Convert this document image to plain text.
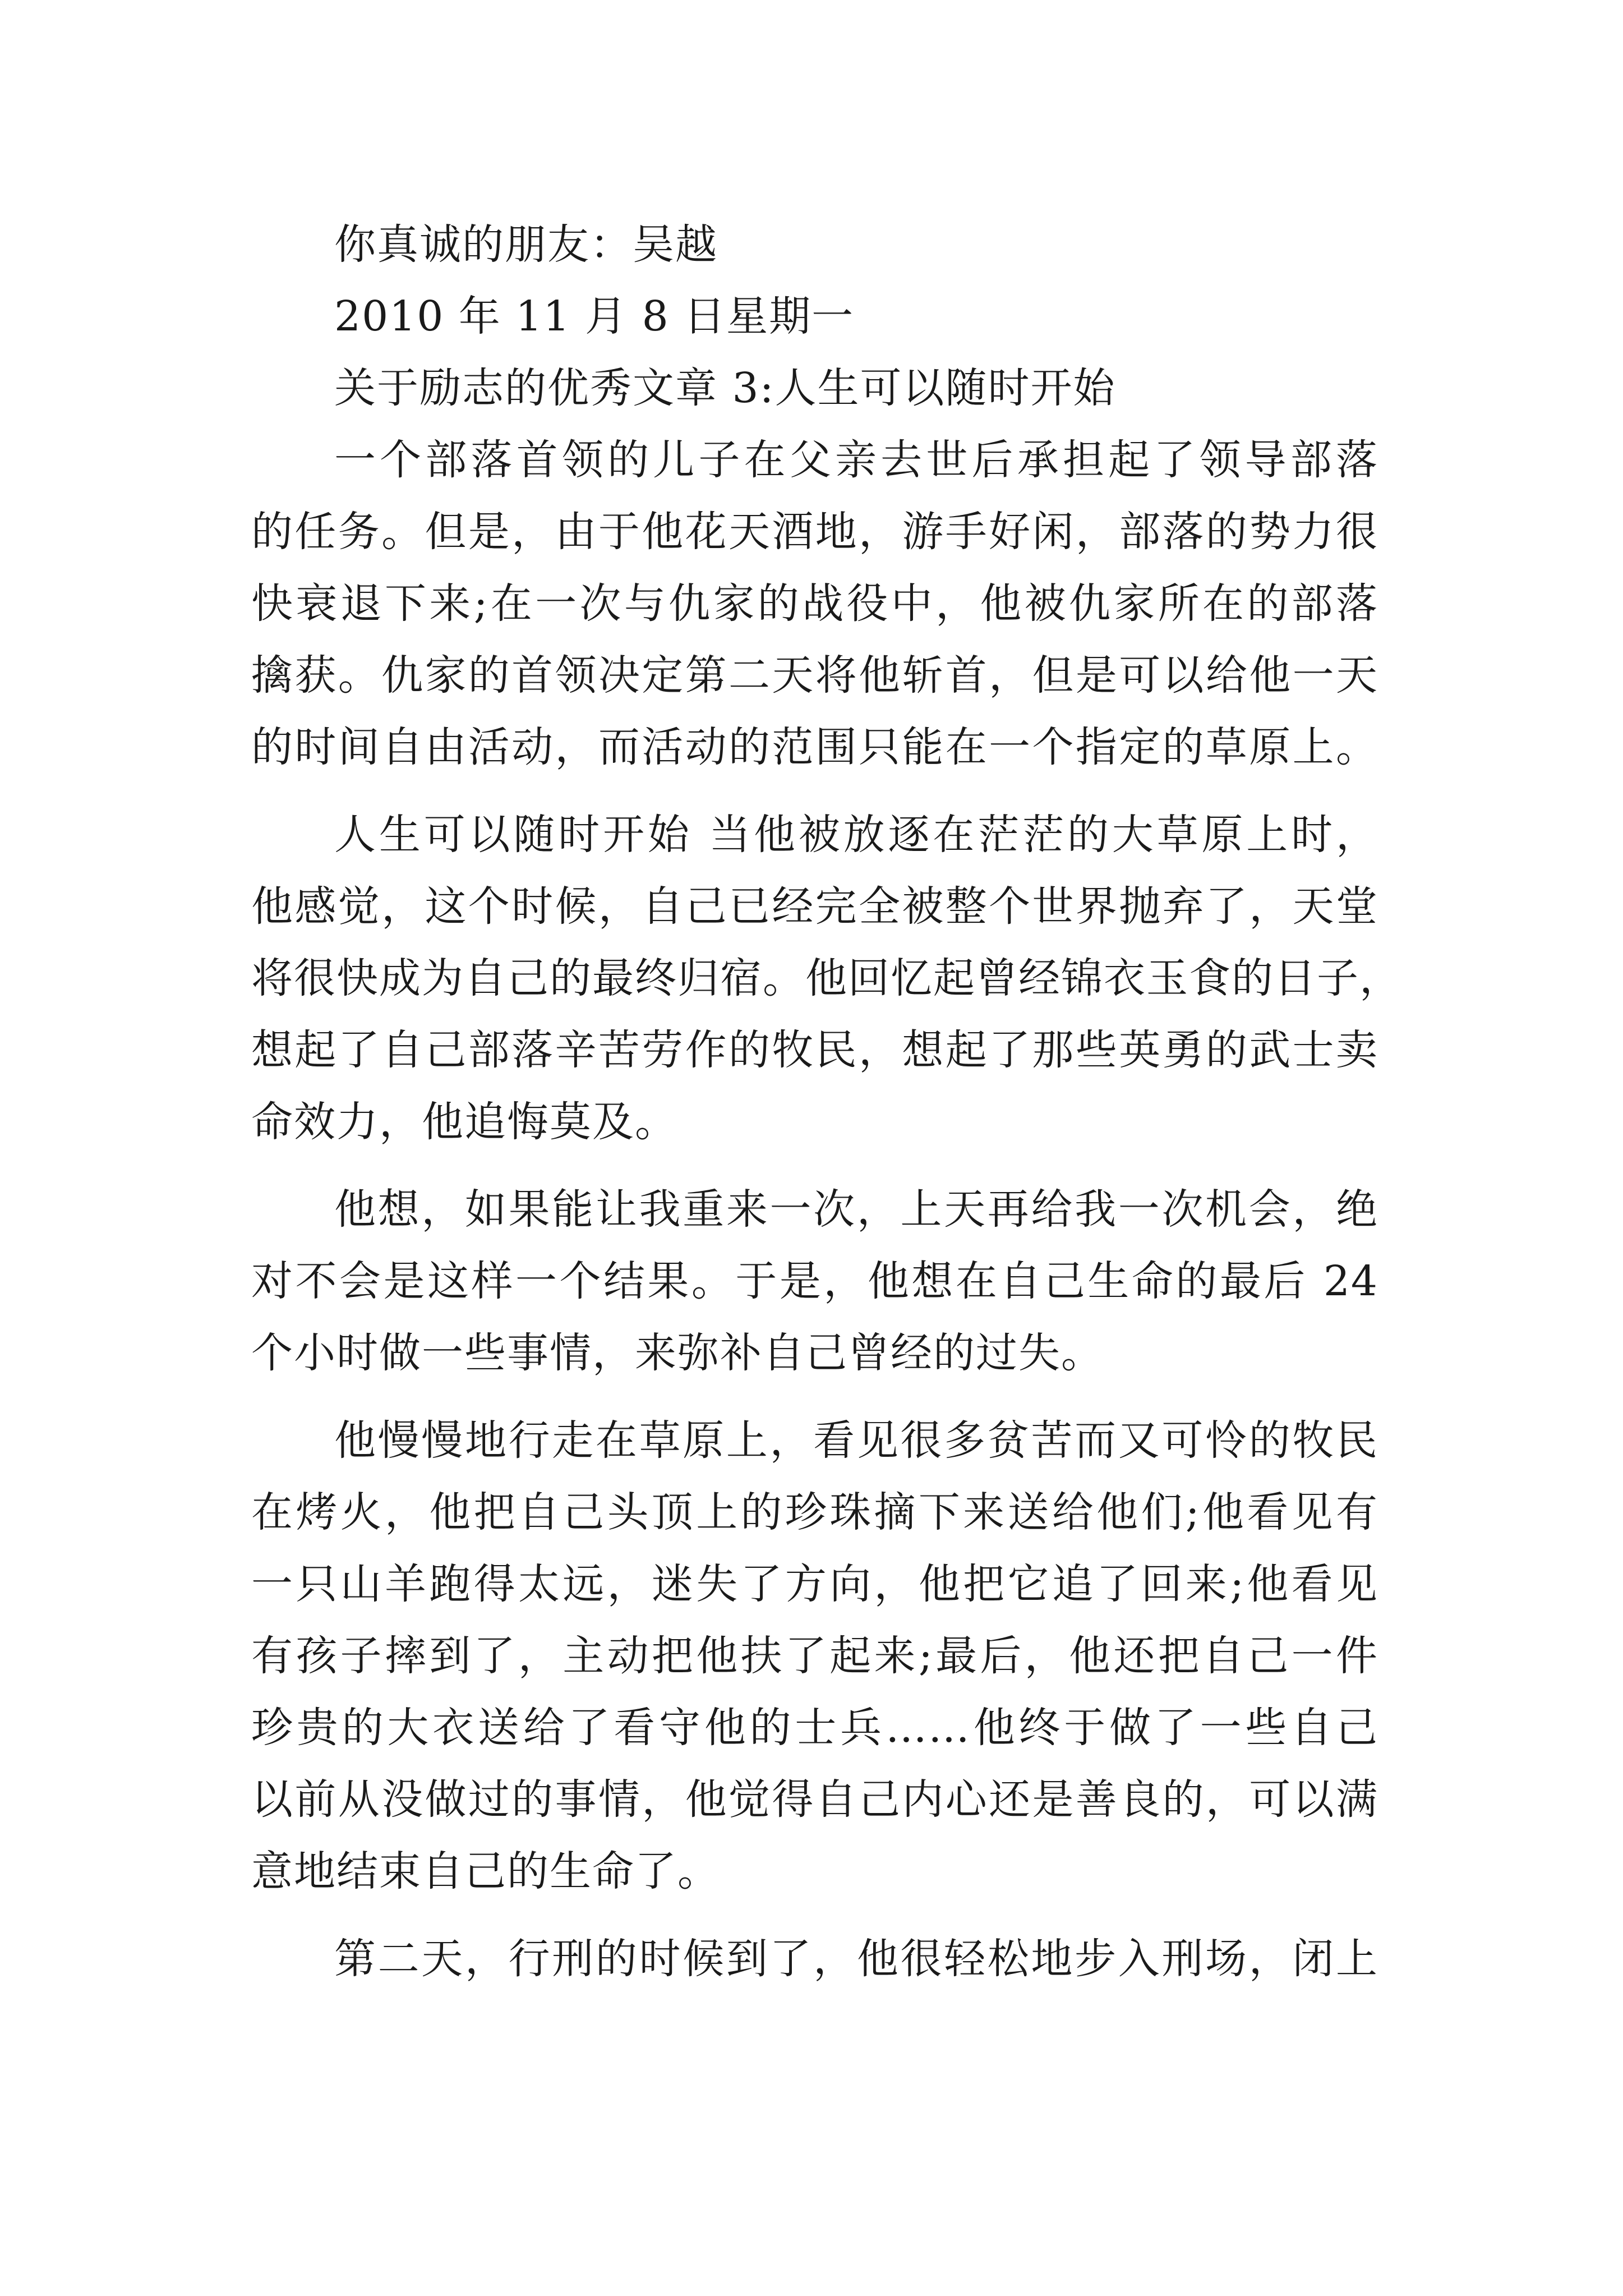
你真诚的朋友：吴越
2010 年 11 月 8 日星期一
关于励志的优秀文章 3:人生可以随时开始
一个部落首领的儿子在父亲去世后承担起了领导部落
的任务。但是，由于他花天酒地，游手好闲，部落的势力很
快衰退下来;在一次与仇家的战役中，他被仇家所在的部落
擒获。仇家的首领决定第二天将他斩首，但是可以给他一天
的时间自由活动，而活动的范围只能在一个指定的草原上。
人生可以随时开始 当他被放逐在茫茫的大草原上时，
他感觉，这个时候，自己已经完全被整个世界抛弃了，天堂
将很快成为自己的最终归宿。他回忆起曾经锦衣玉食的日子，
想起了自己部落辛苦劳作的牧民，想起了那些英勇的武士卖
命效力，他追悔莫及。
他想，如果能让我重来一次，上天再给我一次机会，绝
对不会是这样一个结果。于是，他想在自己生命的最后 24
个小时做一些事情，来弥补自己曾经的过失。
他慢慢地行走在草原上，看见很多贫苦而又可怜的牧民
在烤火，他把自己头顶上的珍珠摘下来送给他们;他看见有
一只山羊跑得太远，迷失了方向，他把它追了回来;他看见
有孩子摔到了，主动把他扶了起来;最后，他还把自己一件
珍贵的大衣送给了看守他的士兵……他终于做了一些自己
以前从没做过的事情，他觉得自己内心还是善良的，可以满
意地结束自己的生命了。
第二天，行刑的时候到了，他很轻松地步入刑场，闭上
